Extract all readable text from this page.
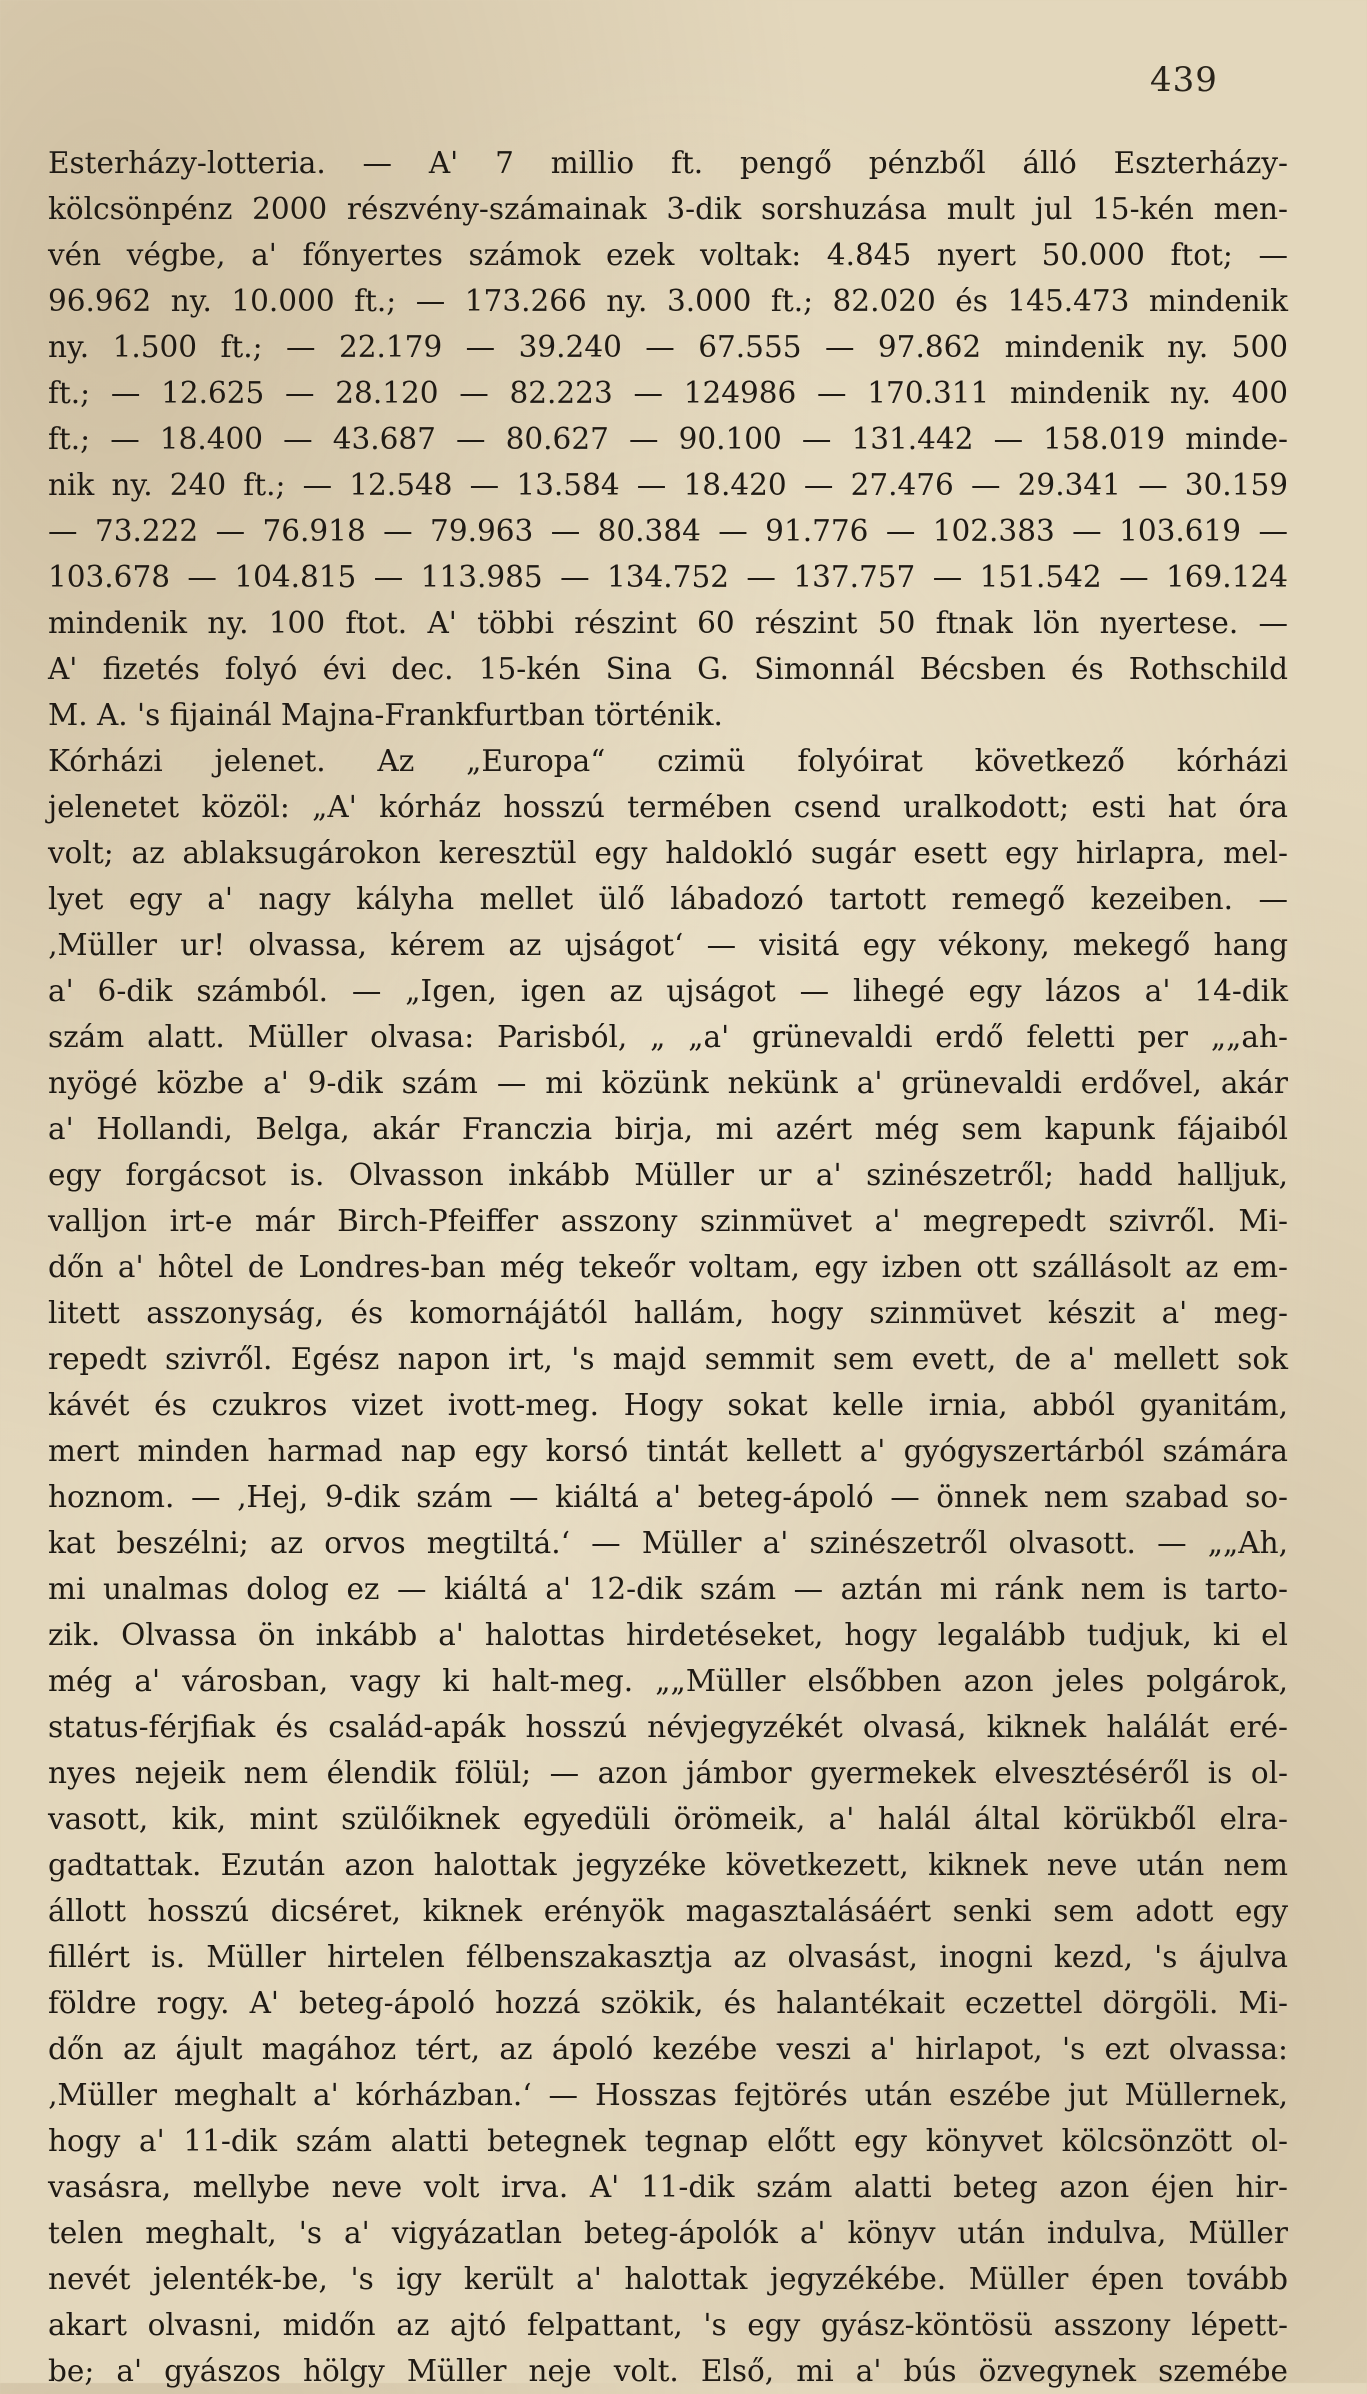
439
Esterházy-lotteria. — A' 7 millio ft. pengő pénzből álló Eszterházy-
kölcsönpénz 2000 részvény-számainak 3-dik sorshuzása mult jul 15-kén men-
vén végbe, a' főnyertes számok ezek voltak: 4.845 nyert 50.000 ftot; —
96.962 ny. 10.000 ft.; — 173.266 ny. 3.000 ft.; 82.020 és 145.473 mindenik
ny. 1.500 ft.; — 22.179 — 39.240 — 67.555 — 97.862 mindenik ny. 500
ft.; — 12.625 — 28.120 — 82.223 — 124986 — 170.311 mindenik ny. 400
ft.; — 18.400 — 43.687 — 80.627 — 90.100 — 131.442 — 158.019 minde-
nik ny. 240 ft.; — 12.548 — 13.584 — 18.420 — 27.476 — 29.341 — 30.159
— 73.222 — 76.918 — 79.963 — 80.384 — 91.776 — 102.383 — 103.619 —
103.678 — 104.815 — 113.985 — 134.752 — 137.757 — 151.542 — 169.124
mindenik ny. 100 ftot. A' többi részint 60 részint 50 ftnak lön nyertese. —
A' fizetés folyó évi dec. 15-kén Sina G. Simonnál Bécsben és Rothschild
M. A. 's fijainál Majna-Frankfurtban történik.
Kórházi jelenet. Az „Europa“ czimü folyóirat következő kórházi
jelenetet közöl: „A' kórház hosszú termében csend uralkodott; esti hat óra
volt; az ablaksugárokon keresztül egy haldokló sugár esett egy hirlapra, mel-
lyet egy a' nagy kályha mellet ülő lábadozó tartott remegő kezeiben. —
‚Müller ur! olvassa, kérem az ujságot‘ — visitá egy vékony, mekegő hang
a' 6-dik számból. — „Igen, igen az ujságot — lihegé egy lázos a' 14-dik
szám alatt. Müller olvasa: Parisból, „ „a' grünevaldi erdő feletti per „„ah-
nyögé közbe a' 9-dik szám — mi közünk nekünk a' grünevaldi erdővel, akár
a' Hollandi, Belga, akár Franczia birja, mi azért még sem kapunk fájaiból
egy forgácsot is. Olvasson inkább Müller ur a' szinészetről; hadd halljuk,
valljon irt-e már Birch-Pfeiffer asszony szinmüvet a' megrepedt szivről. Mi-
dőn a' hôtel de Londres-ban még tekeőr voltam, egy izben ott szállásolt az em-
litett asszonyság, és komornájától hallám, hogy szinmüvet készit a' meg-
repedt szivről. Egész napon irt, 's majd semmit sem evett, de a' mellett sok
kávét és czukros vizet ivott-meg. Hogy sokat kelle irnia, abból gyanitám,
mert minden harmad nap egy korsó tintát kellett a' gyógyszertárból számára
hoznom. — ‚Hej, 9-dik szám — kiáltá a' beteg-ápoló — önnek nem szabad so-
kat beszélni; az orvos megtiltá.‘ — Müller a' szinészetről olvasott. — „„Ah,
mi unalmas dolog ez — kiáltá a' 12-dik szám — aztán mi ránk nem is tarto-
zik. Olvassa ön inkább a' halottas hirdetéseket, hogy legalább tudjuk, ki el
még a' városban, vagy ki halt-meg. „„Müller elsőbben azon jeles polgárok,
status-férjfiak és család-apák hosszú névjegyzékét olvasá, kiknek halálát eré-
nyes nejeik nem élendik fölül; — azon jámbor gyermekek elvesztéséről is ol-
vasott, kik, mint szülőiknek egyedüli örömeik, a' halál által körükből elra-
gadtattak. Ezután azon halottak jegyzéke következett, kiknek neve után nem
állott hosszú dicséret, kiknek erényök magasztalásáért senki sem adott egy
fillért is. Müller hirtelen félbenszakasztja az olvasást, inogni kezd, 's ájulva
földre rogy. A' beteg-ápoló hozzá szökik, és halantékait eczettel dörgöli. Mi-
dőn az ájult magához tért, az ápoló kezébe veszi a' hirlapot, 's ezt olvassa:
‚Müller meghalt a' kórházban.‘ — Hosszas fejtörés után eszébe jut Müllernek,
hogy a' 11-dik szám alatti betegnek tegnap előtt egy könyvet kölcsönzött ol-
vasásra, mellybe neve volt irva. A' 11-dik szám alatti beteg azon éjen hir-
telen meghalt, 's a' vigyázatlan beteg-ápolók a' könyv után indulva, Müller
nevét jelenték-be, 's igy került a' halottak jegyzékébe. Müller épen tovább
akart olvasni, midőn az ajtó felpattant, 's egy gyász-köntösü asszony lépett-
be; a' gyászos hölgy Müller neje volt. Első, mi a' bús özvegynek szemébe
